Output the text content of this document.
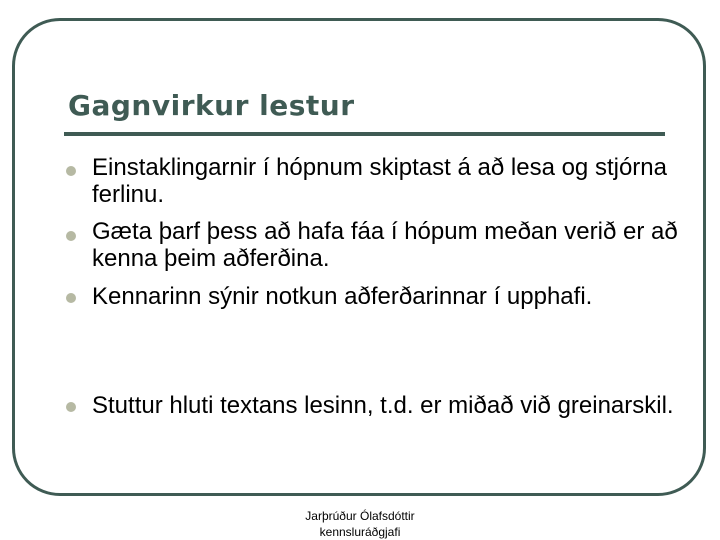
Gagnvirkur lestur
Einstaklingarnir í hópnum skiptast á að lesa og stjórna ferlinu.
Gæta þarf þess að hafa fáa í hópum meðan verið er að kenna þeim aðferðina.
Kennarinn sýnir notkun aðferðarinnar í upphafi.
Stuttur hluti textans lesinn, t.d. er miðað við greinarskil.
Jarþrúður Ólafsdóttir
kennsluráðgjafi
